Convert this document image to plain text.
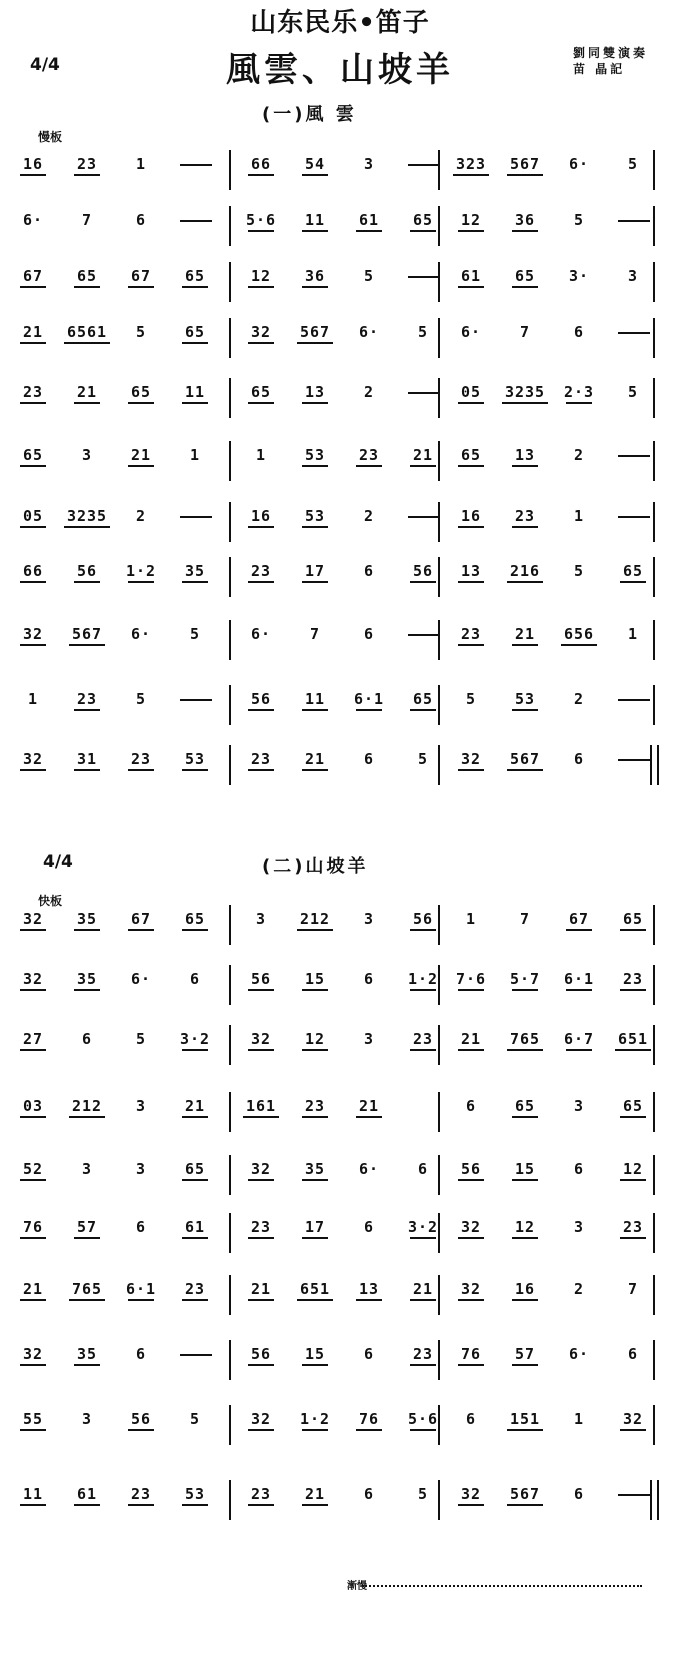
山东民乐•笛子
風雲、山坡羊	劉同雙演奏
苗 晶記
4/4
(一)風 雲
慢板
4/4	(二)山坡羊
快板
漸慢
16 23	1	66 54	3	323 567 6·	5
6·	7	6	5·6 11 61 65 12 36	5
67 65 67 65	12 36	5	61 65 3·	3
21 6561 5	65	32 567 6·	5 6·	7	6
23 21 65 11	65 13	2	05 3235 2·3 5
65	3	21	1	1	53 23 21 65 13	2
05 3235 2	16 53	2	16 23	1
66 56 1·2 35	23 17	6	56 13 216 5	65
32 567 6·	5	6·	7	6	23 21 656 1
1	23	5	56 11 6·1 65 5	53	2
32 31 23 53	23 21	6	5 32 567 6
32 35 67 65	3 212 3	56 1	7	67 65
32 35 6·	6	56 15	6 1·2 7·6 5·7 6·1 23
27	6	5 3·2	32 12	3	23 21 765 6·7 651
03 212 3	21	161 23 21	6	65	3	65
52	3	3	65	32 35 6·	6 56 15	6	12
76 57	6	61	23 17	6 3·2 32 12	3	23
21 765 6·1 23	21 651 13 21 32 16	2	7
32 35	6	56 15	6	23 76 57 6·	6
55	3	56	5	32 1·2 76 5·6 6 151 1	32
11 61 23 53	23 21	6	5 32 567 6
